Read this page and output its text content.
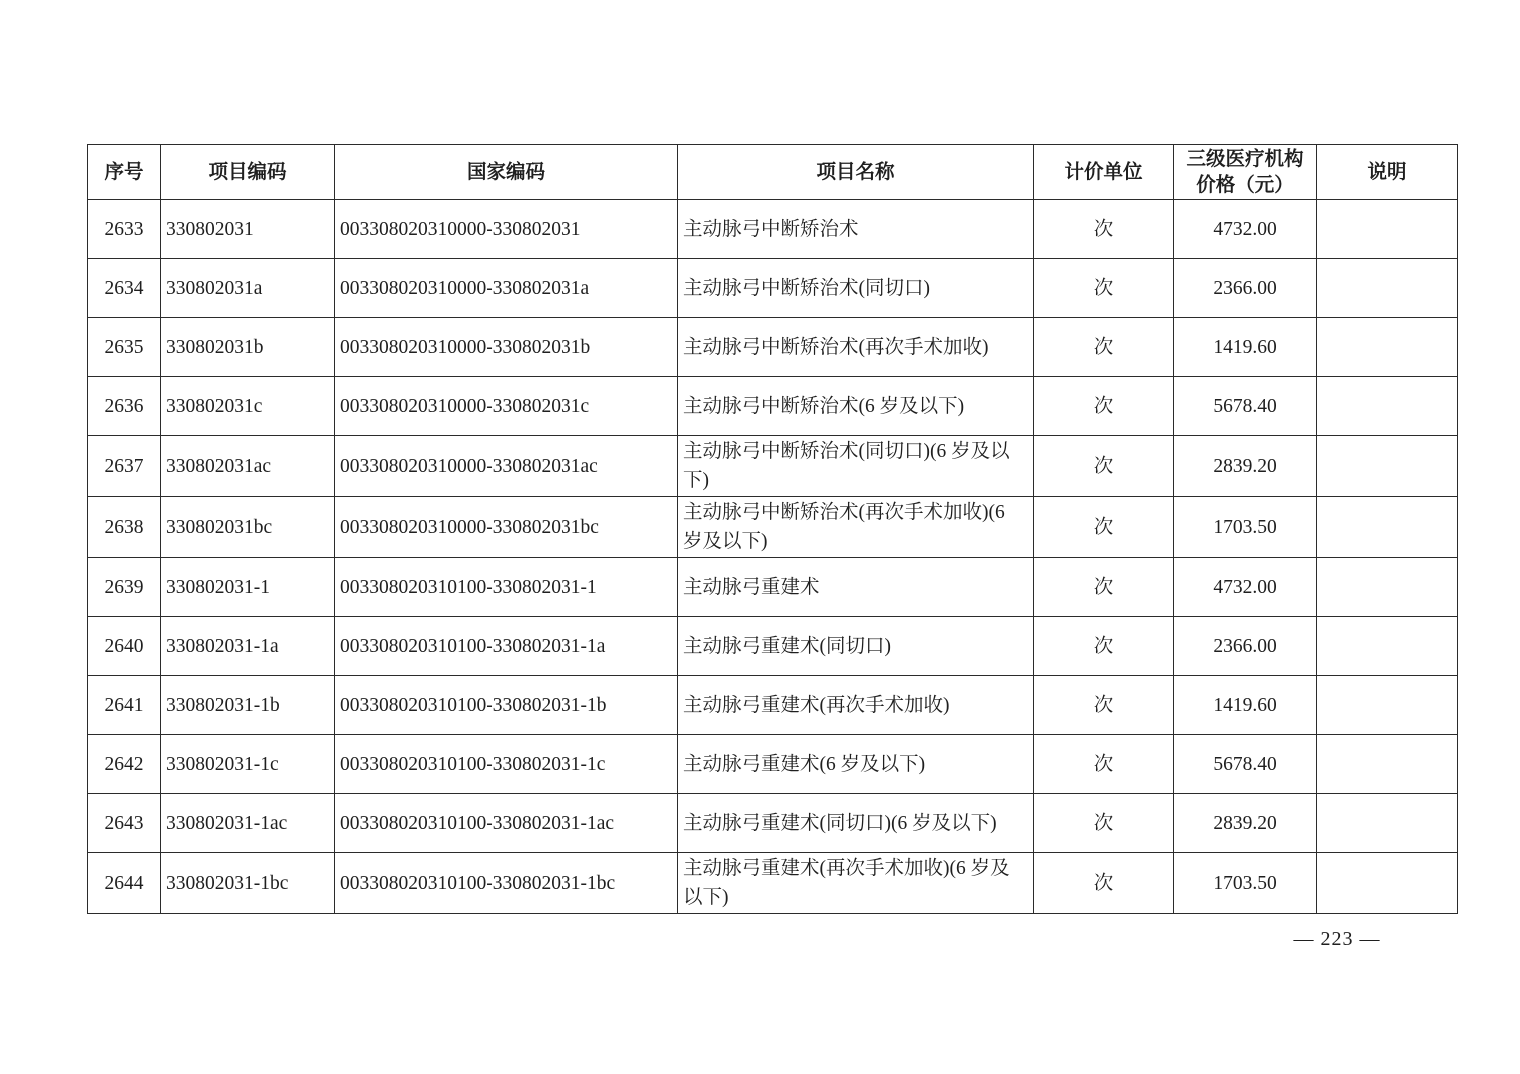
序号	项目编码	国家编码	项目名称	计价单位	三级医疗机构价格（元）	说明
2633	330802031	003308020310000-330802031	主动脉弓中断矫治术	次	4732.00	
2634	330802031a	003308020310000-330802031a	主动脉弓中断矫治术(同切口)	次	2366.00	
2635	330802031b	003308020310000-330802031b	主动脉弓中断矫治术(再次手术加收)	次	1419.60	
2636	330802031c	003308020310000-330802031c	主动脉弓中断矫治术(6 岁及以下)	次	5678.40	
2637	330802031ac	003308020310000-330802031ac	主动脉弓中断矫治术(同切口)(6 岁及以下)	次	2839.20	
2638	330802031bc	003308020310000-330802031bc	主动脉弓中断矫治术(再次手术加收)(6 岁及以下)	次	1703.50	
2639	330802031-1	003308020310100-330802031-1	主动脉弓重建术	次	4732.00	
2640	330802031-1a	003308020310100-330802031-1a	主动脉弓重建术(同切口)	次	2366.00	
2641	330802031-1b	003308020310100-330802031-1b	主动脉弓重建术(再次手术加收)	次	1419.60	
2642	330802031-1c	003308020310100-330802031-1c	主动脉弓重建术(6 岁及以下)	次	5678.40	
2643	330802031-1ac	003308020310100-330802031-1ac	主动脉弓重建术(同切口)(6 岁及以下)	次	2839.20	
2644	330802031-1bc	003308020310100-330802031-1bc	主动脉弓重建术(再次手术加收)(6 岁及以下)	次	1703.50	
— 223 —
